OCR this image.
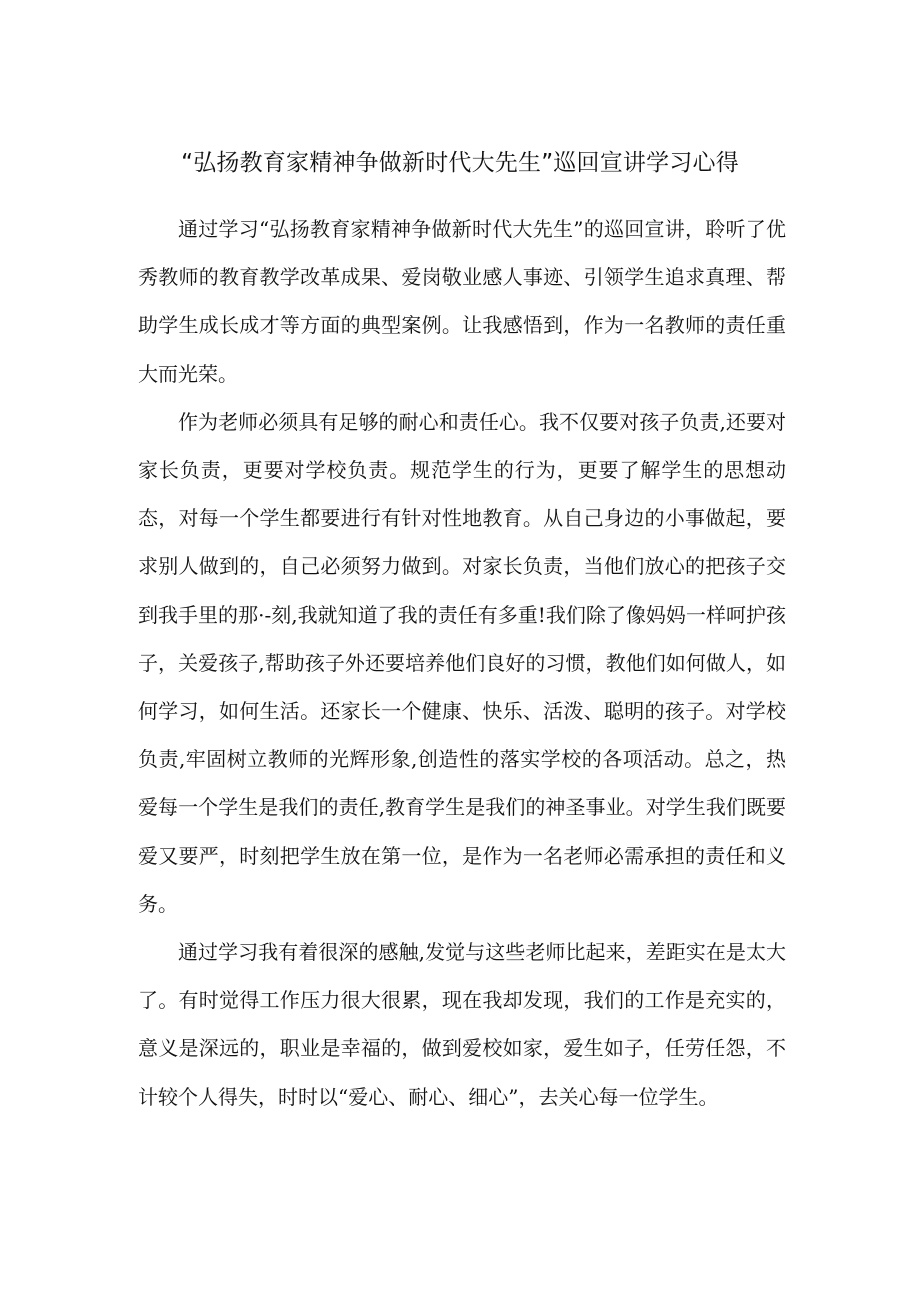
“弘扬教育家精神争做新时代大先生”巡回宣讲学习心得

通过学习“弘扬教育家精神争做新时代大先生”的巡回宣讲，聆听了优秀教师的教育教学改革成果、爱岗敬业感人事迹、引领学生追求真理、帮助学生成长成才等方面的典型案例。让我感悟到，作为一名教师的责任重大而光荣。

作为老师必须具有足够的耐心和责任心。我不仅要对孩子负责,还要对家长负责，更要对学校负责。规范学生的行为，更要了解学生的思想动态，对每一个学生都要进行有针对性地教育。从自己身边的小事做起，要求别人做到的，自己必须努力做到。对家长负责，当他们放心的把孩子交到我手里的那·-刻,我就知道了我的责任有多重!我们除了像妈妈一样呵护孩子，关爱孩子,帮助孩子外还要培养他们良好的习惯，教他们如何做人，如何学习，如何生活。还家长一个健康、快乐、活泼、聪明的孩子。对学校负责,牢固树立教师的光辉形象,创造性的落实学校的各项活动。总之，热爱每一个学生是我们的责任,教育学生是我们的神圣事业。对学生我们既要爱又要严，时刻把学生放在第一位，是作为一名老师必需承担的责任和义务。

通过学习我有着很深的感触,发觉与这些老师比起来，差距实在是太大了。有时觉得工作压力很大很累，现在我却发现，我们的工作是充实的，意义是深远的，职业是幸福的，做到爱校如家，爱生如子，任劳任怨，不计较个人得失，时时以“爱心、耐心、细心”，去关心每一位学生。
